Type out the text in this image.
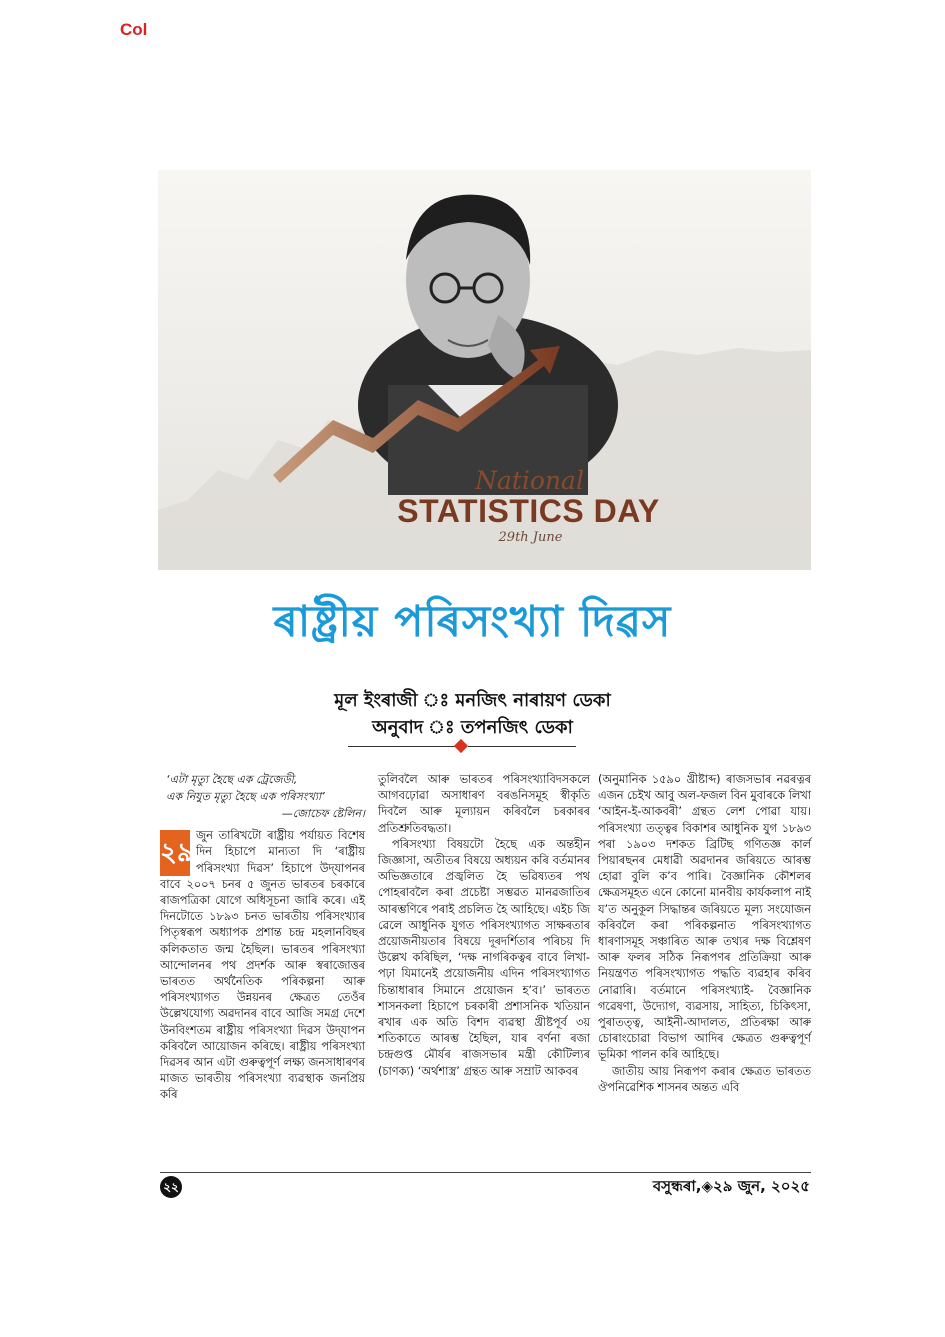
Col
National
STATISTICS DAY
29th June
ৰাষ্ট্ৰীয় পৰিসংখ্যা দিৱস
মূল ইংৰাজী ঃ মনজিৎ নাৰায়ণ ডেকা
অনুবাদ ঃ তপনজিৎ ডেকা
‘এটা মৃত্যু হৈছে এক ট্ৰেজেডী,
এক নিযুত মৃত্যু হৈছে এক পৰিসংখ্যা’
—জোচেফ ষ্টেলিন।
২৯

জুন তাৰিখটো ৰাষ্ট্ৰীয় পৰ্যায়ত বিশেষ দিন হিচাপে মান্যতা দি ‘ৰাষ্ট্ৰীয় পৰিসংখ্যা দিৱস’ হিচাপে উদ্‌যাপনৰ বাবে ২০০৭ চনৰ ৫ জুনত ভাৰতৰ চৰকাৰে ৰাজপত্ৰিকা যোগে অধিসূচনা জাৰি কৰে। এই দিনটোতে ১৮৯৩ চনত ভাৰতীয় পৰিসংখ্যাৰ পিতৃস্বৰূপ অধ্যাপক প্ৰশান্ত চন্দ্ৰ মহলানবিছৰ কলিকতাত জন্ম হৈছিল। ভাৰতৰ পৰিসংখ্যা আন্দোলনৰ পথ প্ৰদৰ্শক আৰু স্বৰাজোত্তৰ ভাৰতত অৰ্থনৈতিক পৰিকল্পনা আৰু পৰিসংখ্যাগত উন্নয়নৰ ক্ষেত্ৰত তেওঁৰ উল্লেখযোগ্য অৱদানৰ বাবে আজি সমগ্ৰ দেশে উনবিংশতম ৰাষ্ট্ৰীয় পৰিসংখ্যা দিৱস উদ্‌যাপন কৰিবলৈ আয়োজন কৰিছে। ৰাষ্ট্ৰীয় পৰিসংখ্যা দিৱসৰ আন এটা গুৰুত্বপূৰ্ণ লক্ষ্য জনসাধাৰণৰ মাজত ভাৰতীয় পৰিসংখ্যা ব্যৱস্থাক জনপ্ৰিয় কৰি

তুলিবলৈ আৰু ভাৰতৰ পৰিসংখ্যাবিদসকলে আগবঢ়োৱা অসাধাৰণ বৰঙনিসমূহ স্বীকৃতি দিবলৈ আৰু মূল্যায়ন কৰিবলৈ চৰকাৰৰ প্ৰতিশ্ৰুতিবদ্ধতা।

পৰিসংখ্যা বিষয়টো হৈছে এক অন্তহীন জিজ্ঞাসা, অতীতৰ বিষয়ে অধ্যয়ন কৰি বৰ্তমানৰ অভিজ্ঞতাৰে প্ৰজ্বলিত হৈ ভৱিষ্যতৰ পথ পোহৰাবলৈ কৰা প্ৰচেষ্টা সম্ভৱত মানৱজাতিৰ আৰম্ভণিৰে পৰাই প্ৰচলিত হৈ আহিছে। এইচ জি ৱেলে আধুনিক যুগত পৰিসংখ্যাগত সাক্ষৰতাৰ প্ৰয়োজনীয়তাৰ বিষয়ে দূৰদৰ্শিতাৰ পৰিচয় দি উল্লেখ কৰিছিল, ‘দক্ষ নাগৰিকত্বৰ বাবে লিখা-পঢ়া যিমানেই প্ৰয়োজনীয় এদিন পৰিসংখ্যাগত চিন্তাধাৰাৰ সিমানে প্ৰয়োজন হ’ব।’ ভাৰতত শাসনকলা হিচাপে চৰকাৰী প্ৰশাসনিক খতিয়ান ৰখাৰ এক অতি বিশদ ব্যৱস্থা খ্ৰীষ্টপূৰ্ব ৩য় শতিকাতে আৰম্ভ হৈছিল, যাৰ বৰ্ণনা ৰজা চন্দ্ৰগুপ্ত মৌৰ্যৰ ৰাজসভাৰ মন্ত্ৰী কৌটিল্যৰ (চাণক্য) ‘অৰ্থশাস্ত্ৰ’ গ্ৰন্থত আৰু সম্ৰাট আকবৰ

(অনুমানিক ১৫৯০ খ্ৰীষ্টাব্দ) ৰাজসভাৰ নৱৰত্নৰ এজন চেইখ আবু অল-ফজল বিন মুবাৰকে লিখা ‘আইন-ই-আকবৰী’ গ্ৰন্থত লেশ পোৱা যায়। পৰিসংখ্যা তত্ত্বৰ বিকাশৰ আধুনিক যুগ ১৮৯৩ পৰা ১৯০৩ দশকত ব্ৰিটিছ গণিতজ্ঞ কাৰ্ল পিয়াৰছনৰ মেধাৱী অৱদানৰ জৰিয়তে আৰম্ভ হোৱা বুলি ক’ব পাৰি। বৈজ্ঞানিক কৌশলৰ ক্ষেত্ৰসমূহত এনে কোনো মানবীয় কাৰ্যকলাপ নাই য’ত অনুকূল সিদ্ধান্তৰ জৰিয়তে মূল্য সংযোজন কৰিবলৈ কৰা পৰিকল্পনাত পৰিসংখ্যাগত ধাৰণাসমূহ সঞ্চাৰিত আৰু তথ্যৰ দক্ষ বিশ্লেষণ আৰু ফলৰ সঠিক নিৰূপণৰ প্ৰতিক্ৰিয়া আৰু নিয়ন্ত্ৰণত পৰিসংখ্যাগত পদ্ধতি ব্যৱহাৰ কৰিব নোৱাৰি। বৰ্তমানে পৰিসংখ্যাই- বৈজ্ঞানিক গৱেষণা, উদ্যোগ, ব্যৱসায়, সাহিত্য, চিকিৎসা, পুৰাতত্ত্ব, আইনী-আদালত, প্ৰতিৰক্ষা আৰু চোৰাংচোৱা বিভাগ আদিৰ ক্ষেত্ৰত গুৰুত্বপূৰ্ণ ভূমিকা পালন কৰি আহিছে।

জাতীয় আয় নিৰূপণ কৰাৰ ক্ষেত্ৰত ভাৰতত ঔপনিৱেশিক শাসনৰ অন্তত এবি

২২	বসুন্ধৰা,◈২৯ জুন, ২০২৫
